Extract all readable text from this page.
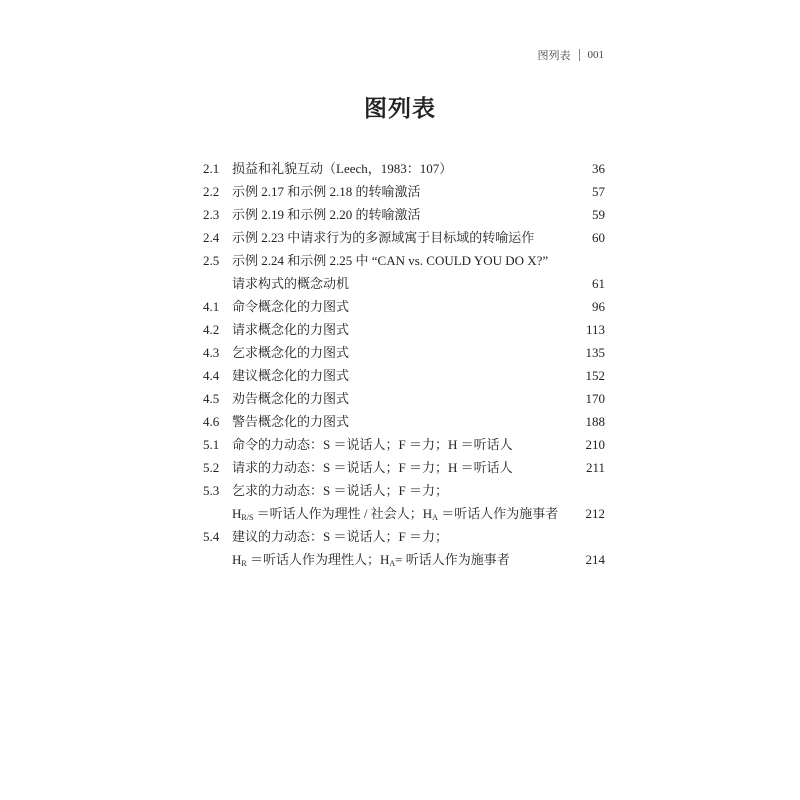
图列表 001
图列表
2.1 损益和礼貌互动（Leech，1983：107）	36
2.2 示例 2.17 和示例 2.18 的转喻激活	57
2.3 示例 2.19 和示例 2.20 的转喻激活	59
2.4 示例 2.23 中请求行为的多源域寓于目标域的转喻运作	60
2.5 示例 2.24 和示例 2.25 中 “CAN vs. COULD YOU DO X?”
请求构式的概念动机	61
4.1 命令概念化的力图式	96
4.2 请求概念化的力图式	113
4.3 乞求概念化的力图式	135
4.4 建议概念化的力图式	152
4.5 劝告概念化的力图式	170
4.6 警告概念化的力图式	188
5.1 命令的力动态：S ＝说话人；F ＝力；H ＝听话人	210
5.2 请求的力动态：S ＝说话人；F ＝力；H ＝听话人	211
5.3 乞求的力动态：S ＝说话人；F ＝力；
$H_{R/S}$ ＝听话人作为理性 / 社会人；$H_A$ ＝听话人作为施事者 212
5.4 建议的力动态：S ＝说话人；F ＝力；
$H_R$ ＝听话人作为理性人；$H_A=$ 听话人作为施事者	214
